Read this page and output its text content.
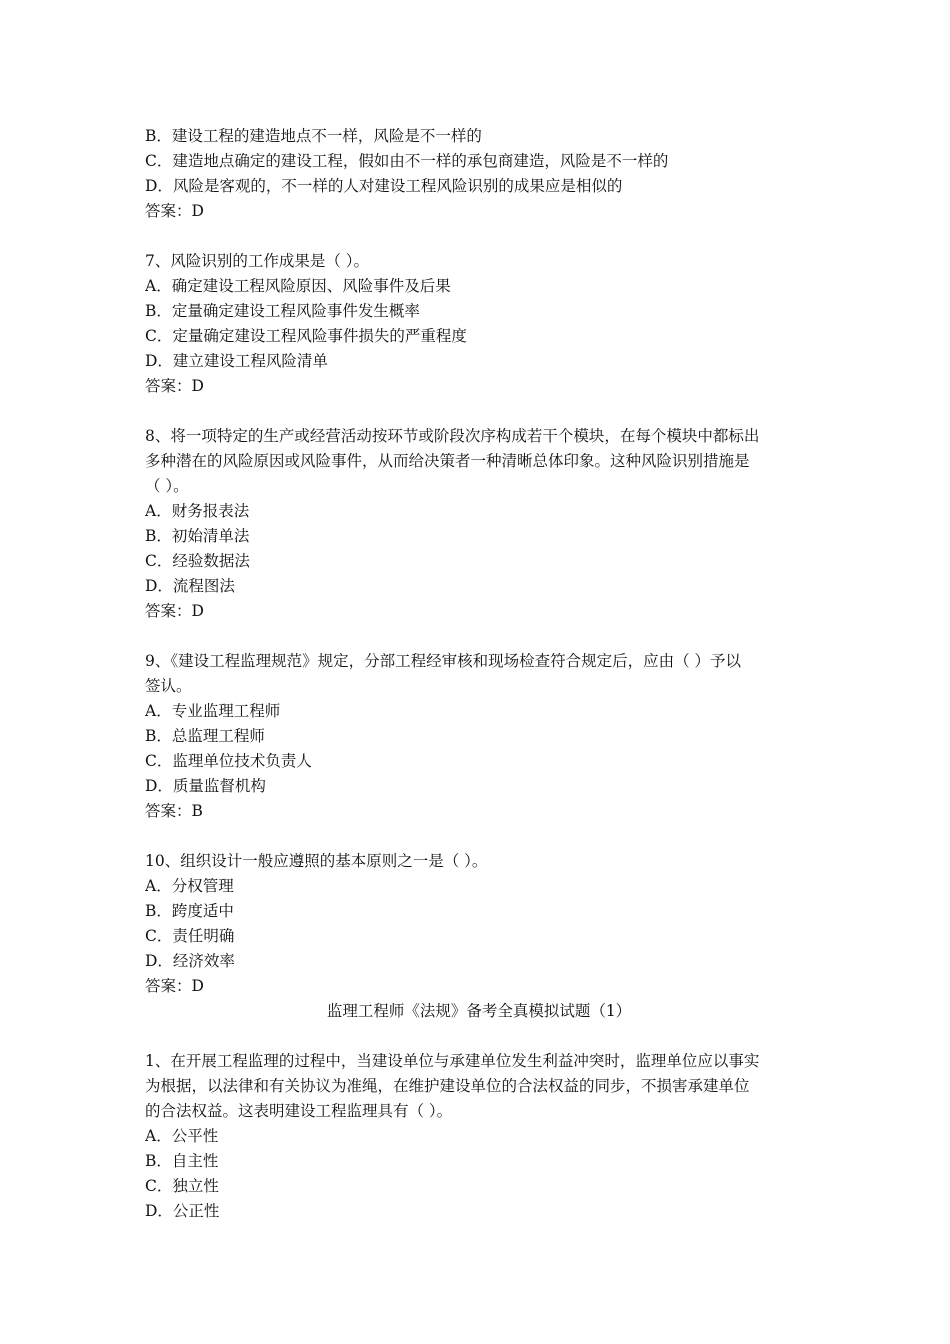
B．建设工程的建造地点不一样，风险是不一样的
C．建造地点确定的建设工程，假如由不一样的承包商建造，风险是不一样的
D．风险是客观的，不一样的人对建设工程风险识别的成果应是相似的
答案：D
7、风险识别的工作成果是（ ）。
A．确定建设工程风险原因、风险事件及后果
B．定量确定建设工程风险事件发生概率
C．定量确定建设工程风险事件损失的严重程度
D．建立建设工程风险清单
答案：D
8、将一项特定的生产或经营活动按环节或阶段次序构成若干个模块，在每个模块中都标出
多种潜在的风险原因或风险事件，从而给决策者一种清晰总体印象。这种风险识别措施是
（ ）。
A．财务报表法
B．初始清单法
C．经验数据法
D．流程图法
答案：D
9、《建设工程监理规范》规定，分部工程经审核和现场检查符合规定后，应由（ ）予以
签认。
A．专业监理工程师
B．总监理工程师
C．监理单位技术负责人
D．质量监督机构
答案：B
10、组织设计一般应遵照的基本原则之一是（ ）。
A．分权管理
B．跨度适中
C．责任明确
D．经济效率
答案：D
监理工程师《法规》备考全真模拟试题（1）
1、在开展工程监理的过程中，当建设单位与承建单位发生利益冲突时，监理单位应以事实
为根据，以法律和有关协议为准绳，在维护建设单位的合法权益的同步，不损害承建单位
的合法权益。这表明建设工程监理具有（ ）。
A．公平性
B．自主性
C．独立性
D．公正性
